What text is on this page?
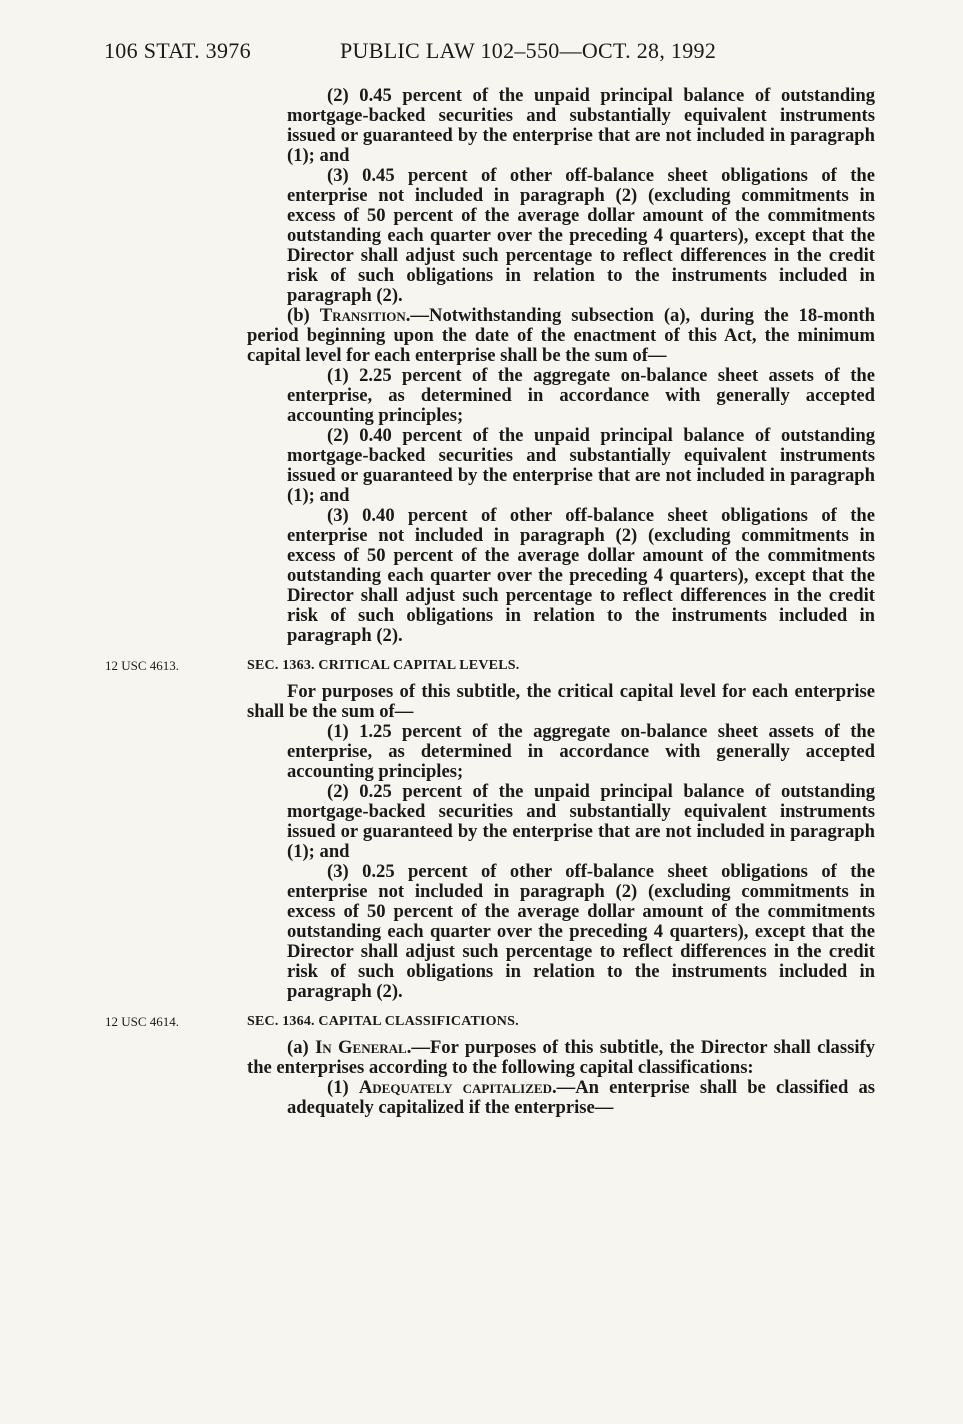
106 STAT. 3976	PUBLIC LAW 102–550—OCT. 28, 1992

(2) 0.45 percent of the unpaid principal balance of outstanding mortgage-backed securities and substantially equivalent instruments issued or guaranteed by the enterprise that are not included in paragraph (1); and

(3) 0.45 percent of other off-balance sheet obligations of the enterprise not included in paragraph (2) (excluding commitments in excess of 50 percent of the average dollar amount of the commitments outstanding each quarter over the preceding 4 quarters), except that the Director shall adjust such percentage to reflect differences in the credit risk of such obligations in relation to the instruments included in paragraph (2).

(b) Transition.—Notwithstanding subsection (a), during the 18-month period beginning upon the date of the enactment of this Act, the minimum capital level for each enterprise shall be the sum of—

(1) 2.25 percent of the aggregate on-balance sheet assets of the enterprise, as determined in accordance with generally accepted accounting principles;

(2) 0.40 percent of the unpaid principal balance of outstanding mortgage-backed securities and substantially equivalent instruments issued or guaranteed by the enterprise that are not included in paragraph (1); and

(3) 0.40 percent of other off-balance sheet obligations of the enterprise not included in paragraph (2) (excluding commitments in excess of 50 percent of the average dollar amount of the commitments outstanding each quarter over the preceding 4 quarters), except that the Director shall adjust such percentage to reflect differences in the credit risk of such obligations in relation to the instruments included in paragraph (2).

12 USC 4613.	SEC. 1363. CRITICAL CAPITAL LEVELS.

For purposes of this subtitle, the critical capital level for each enterprise shall be the sum of—

(1) 1.25 percent of the aggregate on-balance sheet assets of the enterprise, as determined in accordance with generally accepted accounting principles;

(2) 0.25 percent of the unpaid principal balance of outstanding mortgage-backed securities and substantially equivalent instruments issued or guaranteed by the enterprise that are not included in paragraph (1); and

(3) 0.25 percent of other off-balance sheet obligations of the enterprise not included in paragraph (2) (excluding commitments in excess of 50 percent of the average dollar amount of the commitments outstanding each quarter over the preceding 4 quarters), except that the Director shall adjust such percentage to reflect differences in the credit risk of such obligations in relation to the instruments included in paragraph (2).

12 USC 4614.	SEC. 1364. CAPITAL CLASSIFICATIONS.

(a) In General.—For purposes of this subtitle, the Director shall classify the enterprises according to the following capital classifications:

(1) Adequately capitalized.—An enterprise shall be classified as adequately capitalized if the enterprise—
